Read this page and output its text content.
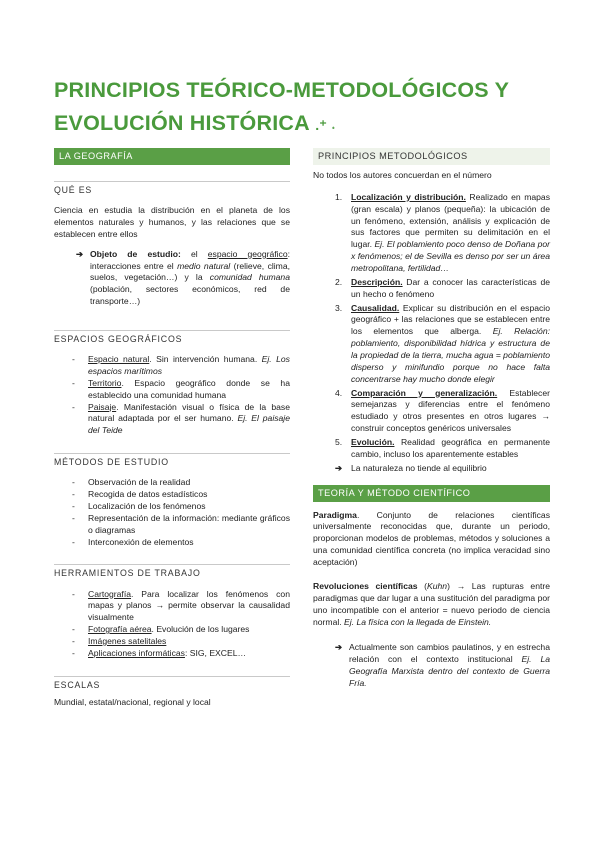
PRINCIPIOS TEÓRICO-METODOLÓGICOS Y
EVOLUCIÓN HISTÓRICA .⁺ ˖
LA GEOGRAFÍA
QUÉ ES
Ciencia en estudia la distribución en el planeta de los elementos naturales y humanos, y las relaciones que se establecen entre ellos
➔ Objeto de estudio: el espacio geográfico: interacciones entre el medio natural (relieve, clima, suelos, vegetación…) y la comunidad humana (población, sectores económicos, red de transporte…)
ESPACIOS GEOGRÁFICOS
-	Espacio natural. Sin intervención humana. Ej. Los espacios marítimos
-	Territorio. Espacio geográfico donde se ha establecido una comunidad humana
-	Paisaje. Manifestación visual o física de la base natural adaptada por el ser humano. Ej. El paisaje del Teide
MÉTODOS DE ESTUDIO
-	Observación de la realidad
-	Recogida de datos estadísticos
-	Localización de los fenómenos
-	Representación de la información: mediante gráficos o diagramas
-	Interconexión de elementos
HERRAMIENTOS DE TRABAJO
-	Cartografía. Para localizar los fenómenos con mapas y planos → permite observar la causalidad visualmente
-	Fotografía aérea. Evolución de los lugares
-	Imágenes satelitales
-	Aplicaciones informáticas: SIG, EXCEL…
ESCALAS
Mundial, estatal/nacional, regional y local
PRINCIPIOS METODOLÓGICOS
No todos los autores concuerdan en el número
1.	Localización y distribución. Realizado en mapas (gran escala) y planos (pequeña): la ubicación de un fenómeno, extensión, análisis y explicación de sus factores que permiten su delimitación en el lugar. Ej. El poblamiento poco denso de Doñana por x fenómenos; el de Sevilla es denso por ser un área metropolitana, fertilidad…
2.	Descripción. Dar a conocer las características de un hecho o fenómeno
3.	Causalidad. Explicar su distribución en el espacio geográfico + las relaciones que se establecen entre los elementos que alberga. Ej. Relación: poblamiento, disponibilidad hídrica y estructura de la propiedad de la tierra, mucha agua = poblamiento disperso y minifundio porque no hace falta concentrarse hay mucho donde elegir
4.	Comparación y generalización. Establecer semejanzas y diferencias entre el fenómeno estudiado y otros presentes en otros lugares → construir conceptos genéricos universales
5.	Evolución. Realidad geográfica en permanente cambio, incluso los aparentemente estables
➔	La naturaleza no tiende al equilibrio
TEORÍA Y MÉTODO CIENTÍFICO
Paradigma. Conjunto de relaciones científicas universalmente reconocidas que, durante un periodo, proporcionan modelos de problemas, métodos y soluciones a una comunidad científica concreta (no implica veracidad sino aceptación)
Revoluciones científicas (Kuhn) → Las rupturas entre paradigmas que dar lugar a una sustitución del paradigma por uno incompatible con el anterior = nuevo periodo de ciencia normal. Ej. La física con la llegada de Einstein.
➔ Actualmente son cambios paulatinos, y en estrecha relación con el contexto institucional Ej. La Geografía Marxista dentro del contexto de Guerra Fría.
